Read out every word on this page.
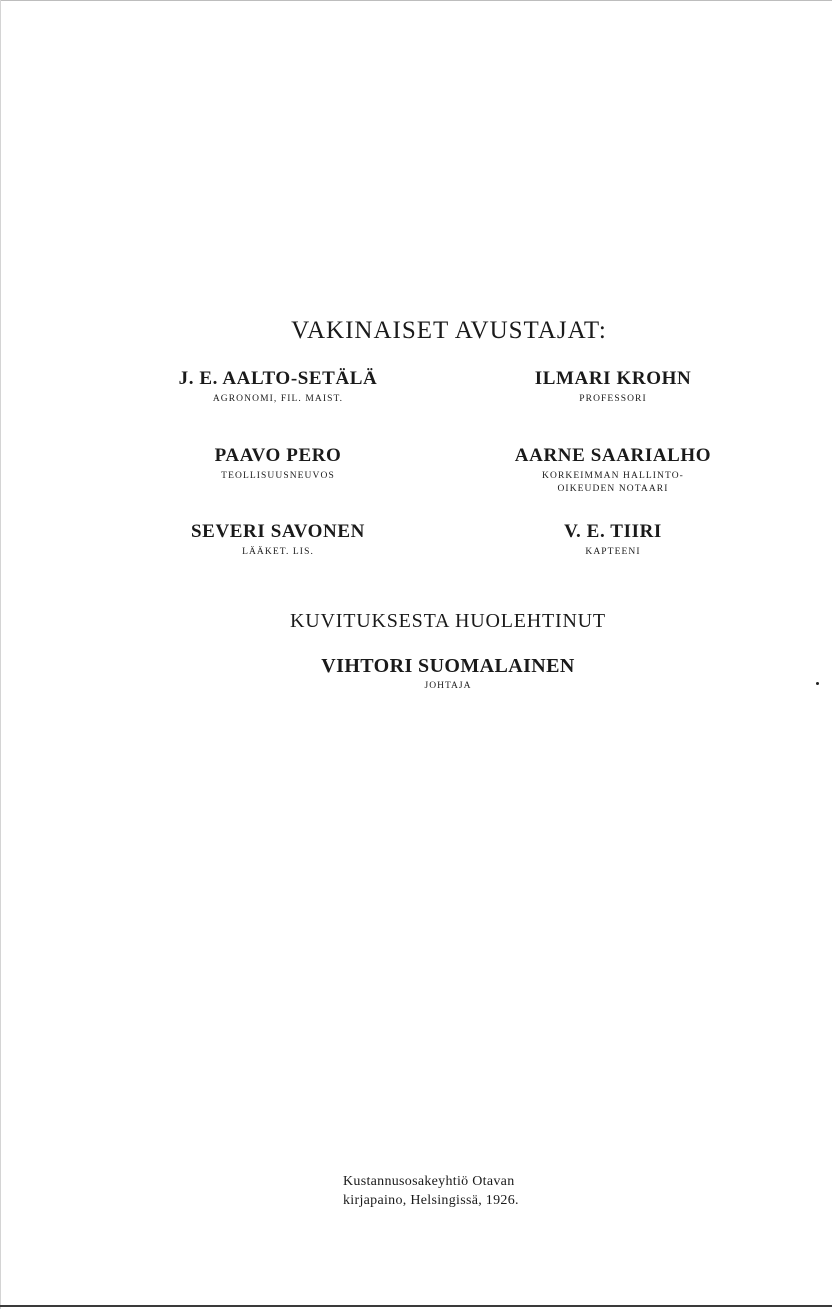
VAKINAISET AVUSTAJAT:
J. E. AALTO-SETÄLÄ
AGRONOMI, FIL. MAIST.
ILMARI KROHN
PROFESSORI
PAAVO PERO
TEOLLISUUSNEUVOS
AARNE SAARIALHO
KORKEIMMAN HALLINTO-
OIKEUDEN NOTAARI
SEVERI SAVONEN
LÄÄKET. LIS.
V. E. TIIRI
KAPTEENI
KUVITUKSESTA HUOLEHTINUT
VIHTORI SUOMALAINEN
JOHTAJA
Kustannusosakeyhtiö Otavan
kirjapaino, Helsingissä, 1926.
